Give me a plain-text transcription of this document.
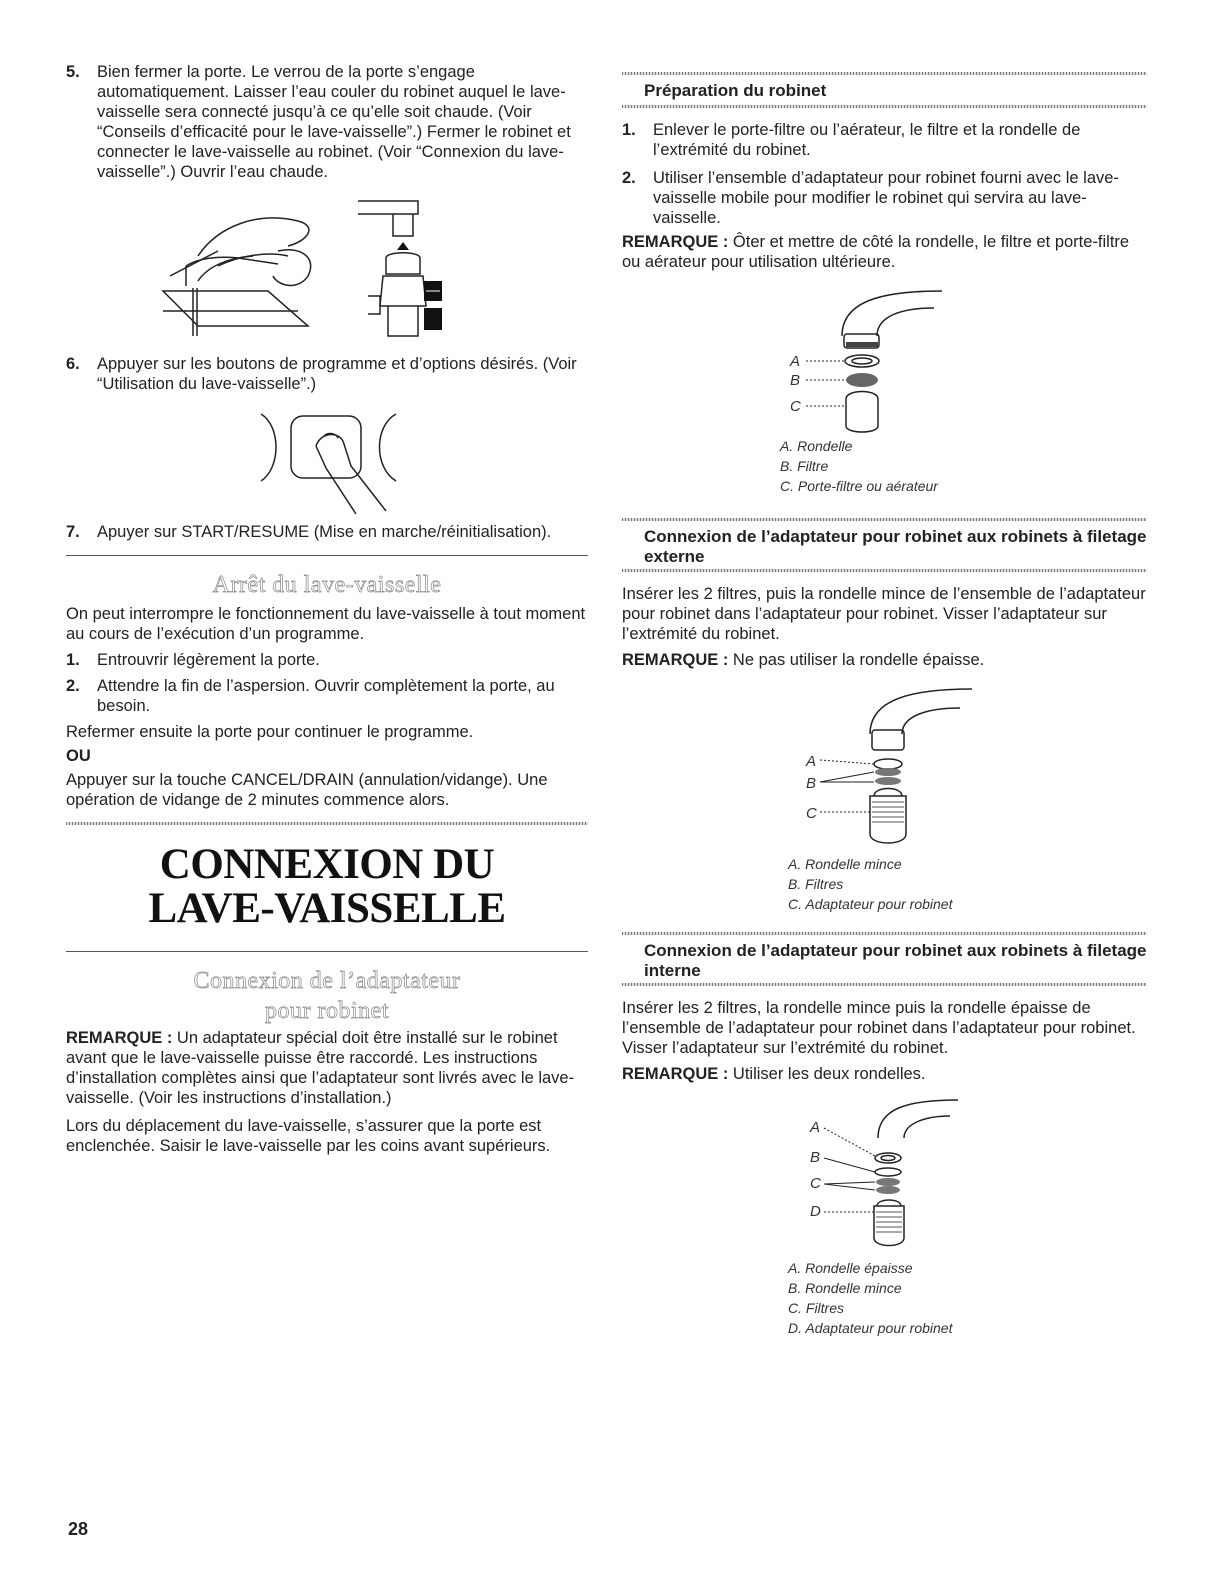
5. Bien fermer la porte. Le verrou de la porte s’engage automatiquement. Laisser l’eau couler du robinet auquel le lave-vaisselle sera connecté jusqu’à ce qu’elle soit chaude. (Voir “Conseils d’efficacité pour le lave-vaisselle”.) Fermer le robinet et connecter le lave-vaisselle au robinet. (Voir “Connexion du lave-vaisselle”.) Ouvrir l’eau chaude.
6. Appuyer sur les boutons de programme et d’options désirés. (Voir “Utilisation du lave-vaisselle”.)
7. Apuyer sur START/RESUME (Mise en marche/réinitialisation).
Arrêt du lave-vaisselle

On peut interrompre le fonctionnement du lave-vaisselle à tout moment au cours de l’exécution d’un programme.

1. Entrouvrir légèrement la porte.
2. Attendre la fin de l’aspersion. Ouvrir complètement la porte, au besoin.

Refermer ensuite la porte pour continuer le programme.

OU

Appuyer sur la touche CANCEL/DRAIN (annulation/vidange). Une opération de vidange de 2 minutes commence alors.

CONNEXION DU
LAVE-VAISSELLE
Connexion de l’adaptateur
pour robinet

REMARQUE : Un adaptateur spécial doit être installé sur le robinet avant que le lave-vaisselle puisse être raccordé. Les instructions d’installation complètes ainsi que l’adaptateur sont livrés avec le lave-vaisselle. (Voir les instructions d’installation.)

Lors du déplacement du lave-vaisselle, s’assurer que la porte est enclenchée. Saisir le lave-vaisselle par les coins avant supérieurs.

Préparation du robinet
1. Enlever le porte-filtre ou l’aérateur, le filtre et la rondelle de l’extrémité du robinet.
2. Utiliser l’ensemble d’adaptateur pour robinet fourni avec le lave-vaisselle mobile pour modifier le robinet qui servira au lave-vaisselle.

REMARQUE : Ôter et mettre de côté la rondelle, le filtre et porte-filtre ou aérateur pour utilisation ultérieure.

A
B
C
A. Rondelle
B. Filtre
C. Porte-filtre ou aérateur
Connexion de l’adaptateur pour robinet aux robinets à filetage externe

Insérer les 2 filtres, puis la rondelle mince de l’ensemble de l’adaptateur pour robinet dans l’adaptateur pour robinet. Visser l’adaptateur sur l’extrémité du robinet.

REMARQUE : Ne pas utiliser la rondelle épaisse.

A
B
C
A. Rondelle mince
B. Filtres
C. Adaptateur pour robinet
Connexion de l’adaptateur pour robinet aux robinets à filetage interne

Insérer les 2 filtres, la rondelle mince puis la rondelle épaisse de l’ensemble de l’adaptateur pour robinet dans l’adaptateur pour robinet. Visser l’adaptateur sur l’extrémité du robinet.

REMARQUE : Utiliser les deux rondelles.

A
B
C
D
A. Rondelle épaisse
B. Rondelle mince
C. Filtres
D. Adaptateur pour robinet
28
